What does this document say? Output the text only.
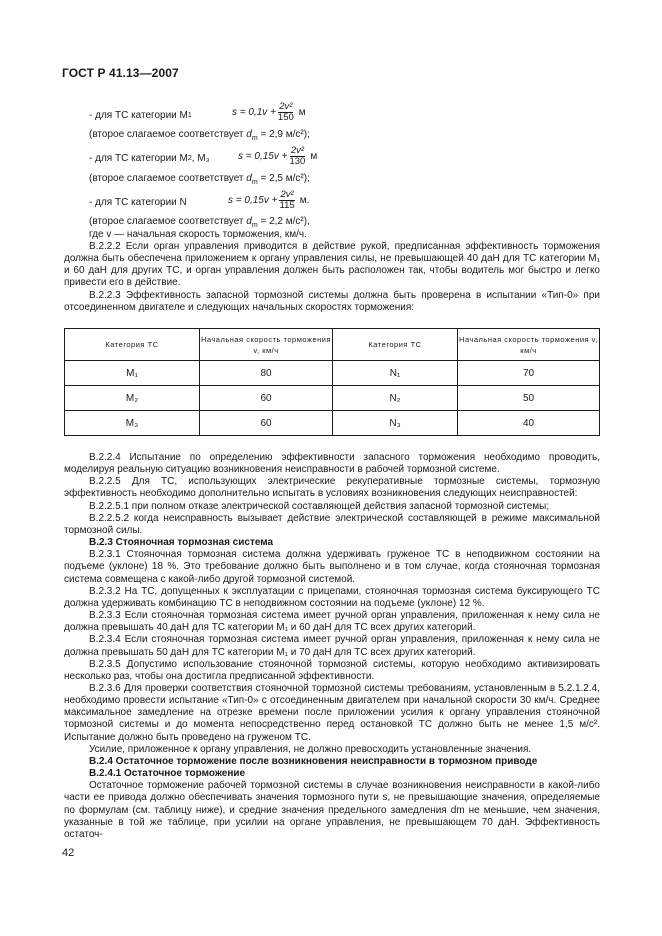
ГОСТ Р 41.13—2007
- для ТС категории М 1	$s = 0,1v + \frac{\text{2v²}}{150}$ м
(второе слагаемое соответствует $d_m = 2,9$ м/с²);
- для ТС категории М 2 , М₃	$s = 0,15v + \frac{\text{2v²}}{130}$ м
(второе слагаемое соответствует $d_m = 2,5$ м/с²);
- для ТС категории N	$s = 0,15v + \frac{\text{2v²}}{115} м$.
(второе слагаемое соответствует $d_m = 2,2$ м/с²),
где v — начальная скорость торможения, км/ч.

В.2.2.2 Если орган управления приводится в действие рукой, предписанная эффективность торможения должна быть обеспечена приложением к органу управления силы, не превышающей 40 даН для ТС категории М₁ и 60 даН для других ТС, и орган управления должен быть расположен так, чтобы водитель мог быстро и легко привести его в действие.

В.2.2.3 Эффективность запасной тормозной системы должна быть проверена в испытании «Тип-0» при отсоединенном двигателе и следующих начальных скоростях торможения:

Категория ТС	Начальная скорость торможения v, км/ч	Категория ТС	Начальная скорость торможения v, км/ч
М₁	80	N₁	70
М₂	60	N₂	50
М₃	60	N₃	40

В.2.2.4 Испытание по определению эффективности запасного торможения необходимо проводить, моделируя реальную ситуацию возникновения неисправности в рабочей тормозной системе.

В.2.2.5 Для ТС, использующих электрические рекуперативные тормозные системы, тормозную эффективность необходимо дополнительно испытать в условиях возникновения следующих неисправностей:

В.2.2.5.1 при полном отказе электрической составляющей действия запасной тормозной системы;

В.2.2.5.2 когда неисправность вызывает действие электрической составляющей в режиме максимальной тормозной силы.

В.2.3 Стояночная тормозная система

В.2.3.1 Стояночная тормозная система должна удерживать груженое ТС в неподвижном состоянии на подъеме (уклоне) 18 %. Это требование должно быть выполнено и в том случае, когда стояночная тормозная система совмещена с какой-либо другой тормозной системой.

В.2.3.2 На ТС, допущенных к эксплуатации с прицепами, стояночная тормозная система буксирующего ТС должна удерживать комбинацию ТС в неподвижном состоянии на подъеме (уклоне) 12 %.

В.2.3.3 Если стояночная тормозная система имеет ручной орган управления, приложенная к нему сила не должна превышать 40 даН для ТС категории М₁ и 60 даН для ТС всех других категорий.

В.2.3.4 Если стояночная тормозная система имеет ручной орган управления, приложенная к нему сила не должна превышать 50 даН для ТС категории М₁ и 70 даН для ТС всех других категорий.

В.2.3.5 Допустимо использование стояночной тормозной системы, которую необходимо активизировать несколько раз, чтобы она достигла предписанной эффективности.

В.2.3.6 Для проверки соответствия стояночной тормозной системы требованиям, установленным в 5.2.1.2.4, необходимо провести испытание «Тип-0» с отсоединенным двигателем при начальной скорости 30 км/ч. Среднее максимальное замедление на отрезке времени после приложении усилия к органу управления стояночной тормозной системы и до момента непосредственно перед остановкой ТС должно быть не менее 1,5 м/с². Испытание должно быть проведено на груженом ТС.

Усилие, приложенное к органу управления, не должно превосходить установленные значения.

В.2.4 Остаточное торможение после возникновения неисправности в тормозном приводе

В.2.4.1 Остаточное торможение

Остаточное торможение рабочей тормозной системы в случае возникновения неисправности в какой-либо части ее привода должно обеспечивать значения тормозного пути s, не превышающие значения, определяемые по формулам (см. таблицу ниже), и средние значения предельного замедления dm не меньшие, чем значения, указанные в той же таблице, при усилии на органе управления, не превышающем 70 даН. Эффективность остаточ-

42
